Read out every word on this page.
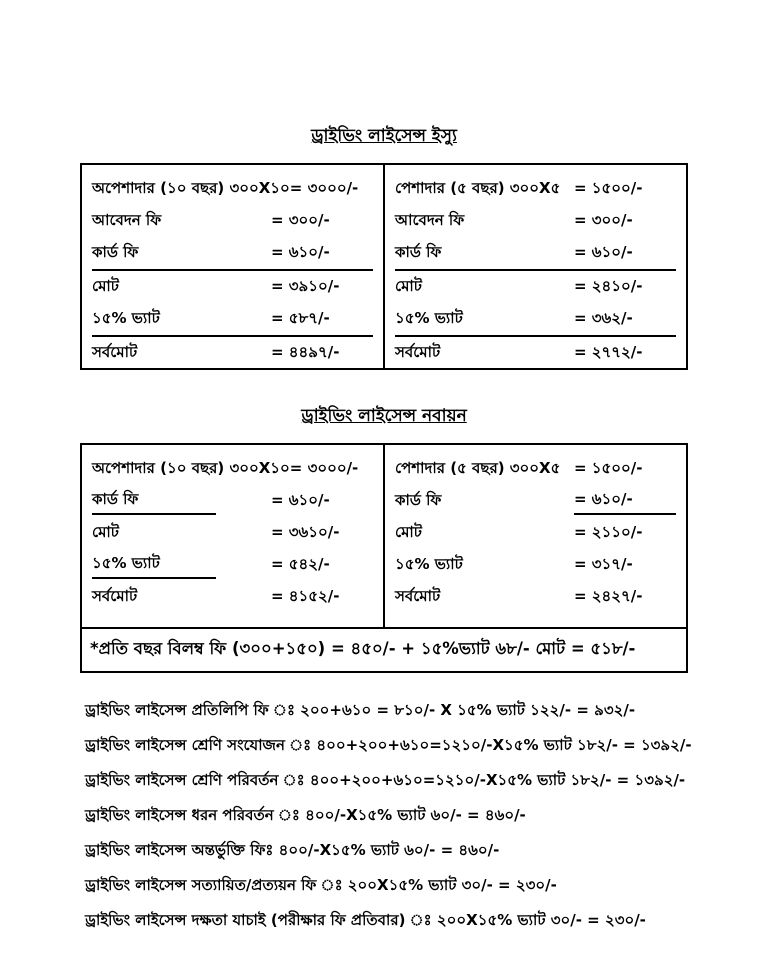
ড্রাইভিং লাইসেন্স ইস্যু
অপেশাদার (১০ বছর) ৩০০X১০ = ৩০০০/-
আবেদন ফি	= ৩০০/-
কার্ড ফি	= ৬১০/-
মোট	= ৩৯১০/-
১৫% ভ্যাট	= ৫৮৭/-
সর্বমোট	= ৪৪৯৭/-
পেশাদার (৫ বছর) ৩০০X৫ = ১৫০০/-
আবেদন ফি	= ৩০০/-
কার্ড ফি	= ৬১০/-
মোট	= ২৪১০/-
১৫% ভ্যাট	= ৩৬২/-
সর্বমোট	= ২৭৭২/-
ড্রাইভিং লাইসেন্স নবায়ন
অপেশাদার (১০ বছর) ৩০০X১০ = ৩০০০/-
কার্ড ফি	= ৬১০/-
মোট	= ৩৬১০/-
১৫% ভ্যাট	= ৫৪২/-
সর্বমোট	= ৪১৫২/-
পেশাদার (৫ বছর) ৩০০X৫ = ১৫০০/-
কার্ড ফি	= ৬১০/-
মোট	= ২১১০/-
১৫% ভ্যাট	= ৩১৭/-
সর্বমোট	= ২৪২৭/-
*প্রতি বছর বিলম্ব ফি (৩০০+১৫০) = ৪৫০/- + ১৫%ভ্যাট ৬৮/- মোট = ৫১৮/-

ড্রাইভিং লাইসেন্স প্রতিলিপি ফি ঃ ২০০+৬১০ = ৮১০/- X ১৫% ভ্যাট ১২২/- = ৯৩২/-

ড্রাইভিং লাইসেন্স শ্রেণি সংযোজন ঃ ৪০০+২০০+৬১০=১২১০/-X১৫% ভ্যাট ১৮২/- = ১৩৯২/-

ড্রাইভিং লাইসেন্স শ্রেণি পরিবর্তন ঃ ৪০০+২০০+৬১০=১২১০/-X১৫% ভ্যাট ১৮২/- = ১৩৯২/-

ড্রাইভিং লাইসেন্স ধরন পরিবর্তন ঃ ৪০০/-X১৫% ভ্যাট ৬০/- = ৪৬০/-

ড্রাইভিং লাইসেন্স অন্তর্ভুক্তি ফিঃ ৪০০/-X১৫% ভ্যাট ৬০/- = ৪৬০/-

ড্রাইভিং লাইসেন্স সত্যায়িত/প্রত্যয়ন ফি ঃ ২০০X১৫% ভ্যাট ৩০/- = ২৩০/-

ড্রাইভিং লাইসেন্স দক্ষতা যাচাই (পরীক্ষার ফি প্রতিবার) ঃ ২০০X১৫% ভ্যাট ৩০/- = ২৩০/-
